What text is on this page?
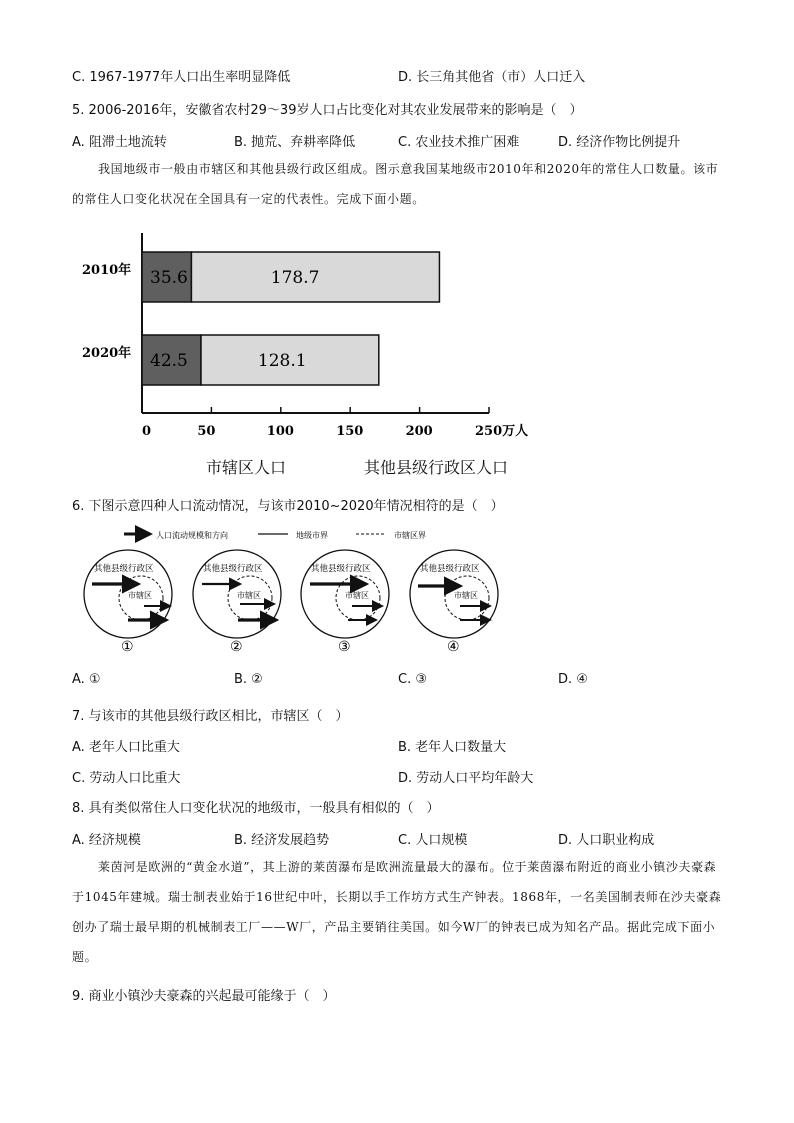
C. 1967-1977年人口出生率明显降低	D. 长三角其他省（市）人口迁入
5. 2006-2016年，安徽省农村29～39岁人口占比变化对其农业发展带来的影响是（　）
A. 阻滞土地流转	B. 抛荒、弃耕率降低	C. 农业技术推广困难	D. 经济作物比例提升
我国地级市一般由市辖区和其他县级行政区组成。图示意我国某地级市2010年和2020年的常住人口数量。该市的常住人口变化状况在全国具有一定的代表性。完成下面小题。
0	50	100	150	200	250万人
2010年
2020年
35.6	178.7
42.5	128.1
市辖区人口	其他县级行政区人口
6. 下图示意四种人口流动情况，与该市2010~2020年情况相符的是（　）
人口流动规模和方向	地级市界	市辖区界
其他县级行政区
市辖区
①
其他县级行政区
市辖区
②
其他县级行政区
市辖区
③
其他县级行政区
市辖区
④
A. ①	B. ②	C. ③	D. ④
7. 与该市的其他县级行政区相比，市辖区（　）
A. 老年人口比重大	B. 老年人口数量大
C. 劳动人口比重大	D. 劳动人口平均年龄大
8. 具有类似常住人口变化状况的地级市，一般具有相似的（　）
A. 经济规模	B. 经济发展趋势	C. 人口规模	D. 人口职业构成
莱茵河是欧洲的“黄金水道”，其上游的莱茵瀑布是欧洲流量最大的瀑布。位于莱茵瀑布附近的商业小镇沙夫豪森于1045年建城。瑞士制表业始于16世纪中叶，长期以手工作坊方式生产钟表。1868年，一名美国制表师在沙夫豪森创办了瑞士最早期的机械制表工厂——W厂，产品主要销往美国。如今W厂的钟表已成为知名产品。据此完成下面小题。
9. 商业小镇沙夫豪森的兴起最可能缘于（　）
